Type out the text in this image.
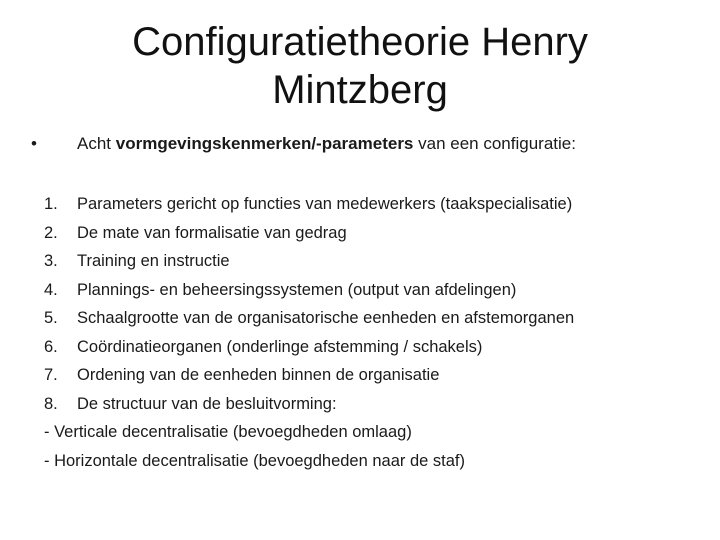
Configuratietheorie Henry
Mintzberg
• Acht vormgevingskenmerken/-parameters van een configuratie:
1. Parameters gericht op functies van medewerkers (taakspecialisatie)
2. De mate van formalisatie van gedrag
3. Training en instructie
4. Plannings- en beheersingssystemen (output van afdelingen)
5. Schaalgrootte van de organisatorische eenheden en afstemorganen
6. Coördinatieorganen (onderlinge afstemming / schakels)
7. Ordening van de eenheden binnen de organisatie
8. De structuur van de besluitvorming:
- Verticale decentralisatie (bevoegdheden omlaag)
- Horizontale decentralisatie (bevoegdheden naar de staf)
